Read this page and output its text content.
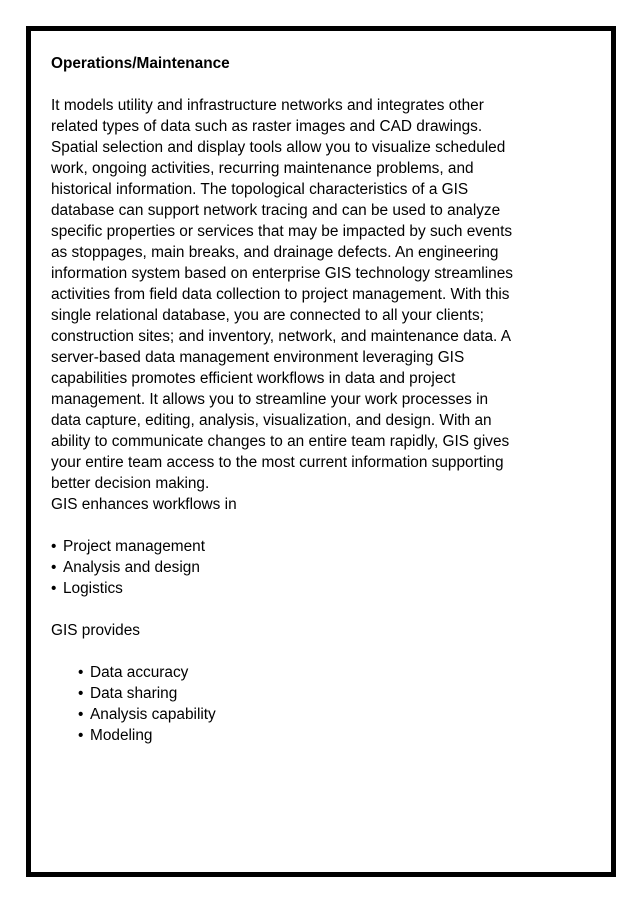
Operations/Maintenance

It models utility and infrastructure networks and integrates other
related types of data such as raster images and CAD drawings.
Spatial selection and display tools allow you to visualize scheduled
work, ongoing activities, recurring maintenance problems, and
historical information. The topological characteristics of a GIS
database can support network tracing and can be used to analyze
specific properties or services that may be impacted by such events
as stoppages, main breaks, and drainage defects. An engineering
information system based on enterprise GIS technology streamlines
activities from field data collection to project management. With this
single relational database, you are connected to all your clients;
construction sites; and inventory, network, and maintenance data. A
server-based data management environment leveraging GIS
capabilities promotes efficient workflows in data and project
management. It allows you to streamline your work processes in
data capture, editing, analysis, visualization, and design. With an
ability to communicate changes to an entire team rapidly, GIS gives
your entire team access to the most current information supporting
better decision making.

GIS enhances workflows in

• Project management
• Analysis and design
• Logistics

GIS provides

• Data accuracy
• Data sharing
• Analysis capability
• Modeling
